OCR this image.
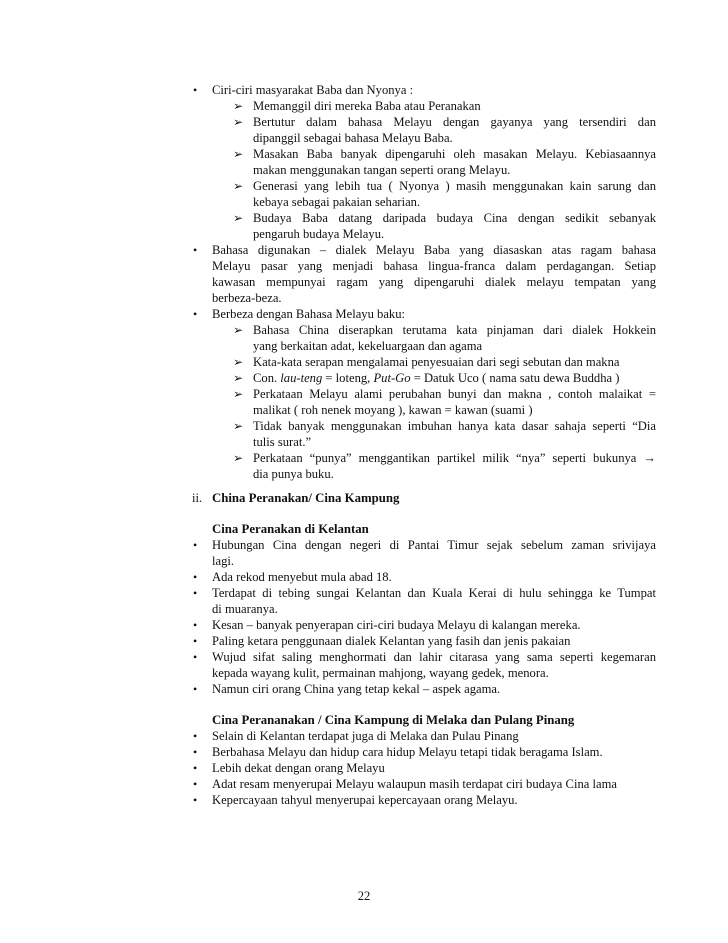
• Ciri-ciri masyarakat Baba dan Nyonya :
➢ Memanggil diri mereka Baba atau Peranakan
➢ Bertutur dalam bahasa Melayu dengan gayanya yang tersendiri dan
dipanggil sebagai bahasa Melayu Baba.
➢ Masakan Baba banyak dipengaruhi oleh masakan Melayu. Kebiasaannya
makan menggunakan tangan seperti orang Melayu.
➢ Generasi yang lebih tua ( Nyonya ) masih menggunakan kain sarung dan
kebaya sebagai pakaian seharian.
➢ Budaya Baba datang daripada budaya Cina dengan sedikit sebanyak
pengaruh budaya Melayu.
• Bahasa digunakan – dialek Melayu Baba yang diasaskan atas ragam bahasa
Melayu pasar yang menjadi bahasa lingua-franca dalam perdagangan. Setiap
kawasan mempunyai ragam yang dipengaruhi dialek melayu tempatan yang
berbeza-beza.
• Berbeza dengan Bahasa Melayu baku:
➢ Bahasa China diserapkan terutama kata pinjaman dari dialek Hokkein
yang berkaitan adat, kekeluargaan dan agama
➢ Kata-kata serapan mengalamai penyesuaian dari segi sebutan dan makna
➢ Con. lau-teng = loteng, Put-Go = Datuk Uco ( nama satu dewa Buddha )
➢ Perkataan Melayu alami perubahan bunyi dan makna , contoh malaikat =
malikat ( roh nenek moyang ), kawan = kawan (suami )
➢ Tidak banyak menggunakan imbuhan hanya kata dasar sahaja seperti “Dia
tulis surat.”
➢ Perkataan “punya” menggantikan partikel milik “nya” seperti bukunya →
dia punya buku.
ii. China Peranakan/ Cina Kampung
Cina Peranakan di Kelantan
• Hubungan Cina dengan negeri di Pantai Timur sejak sebelum zaman srivijaya
lagi.
• Ada rekod menyebut mula abad 18.
• Terdapat di tebing sungai Kelantan dan Kuala Kerai di hulu sehingga ke Tumpat
di muaranya.
• Kesan – banyak penyerapan ciri-ciri budaya Melayu di kalangan mereka.
• Paling ketara penggunaan dialek Kelantan yang fasih dan jenis pakaian
• Wujud sifat saling menghormati dan lahir citarasa yang sama seperti kegemaran
kepada wayang kulit, permainan mahjong, wayang gedek, menora.
• Namun ciri orang China yang tetap kekal – aspek agama.
Cina Perananakan / Cina Kampung di Melaka dan Pulang Pinang
• Selain di Kelantan terdapat juga di Melaka dan Pulau Pinang
• Berbahasa Melayu dan hidup cara hidup Melayu tetapi tidak beragama Islam.
• Lebih dekat dengan orang Melayu
• Adat resam menyerupai Melayu walaupun masih terdapat ciri budaya Cina lama
• Kepercayaan tahyul menyerupai kepercayaan orang Melayu.
22
